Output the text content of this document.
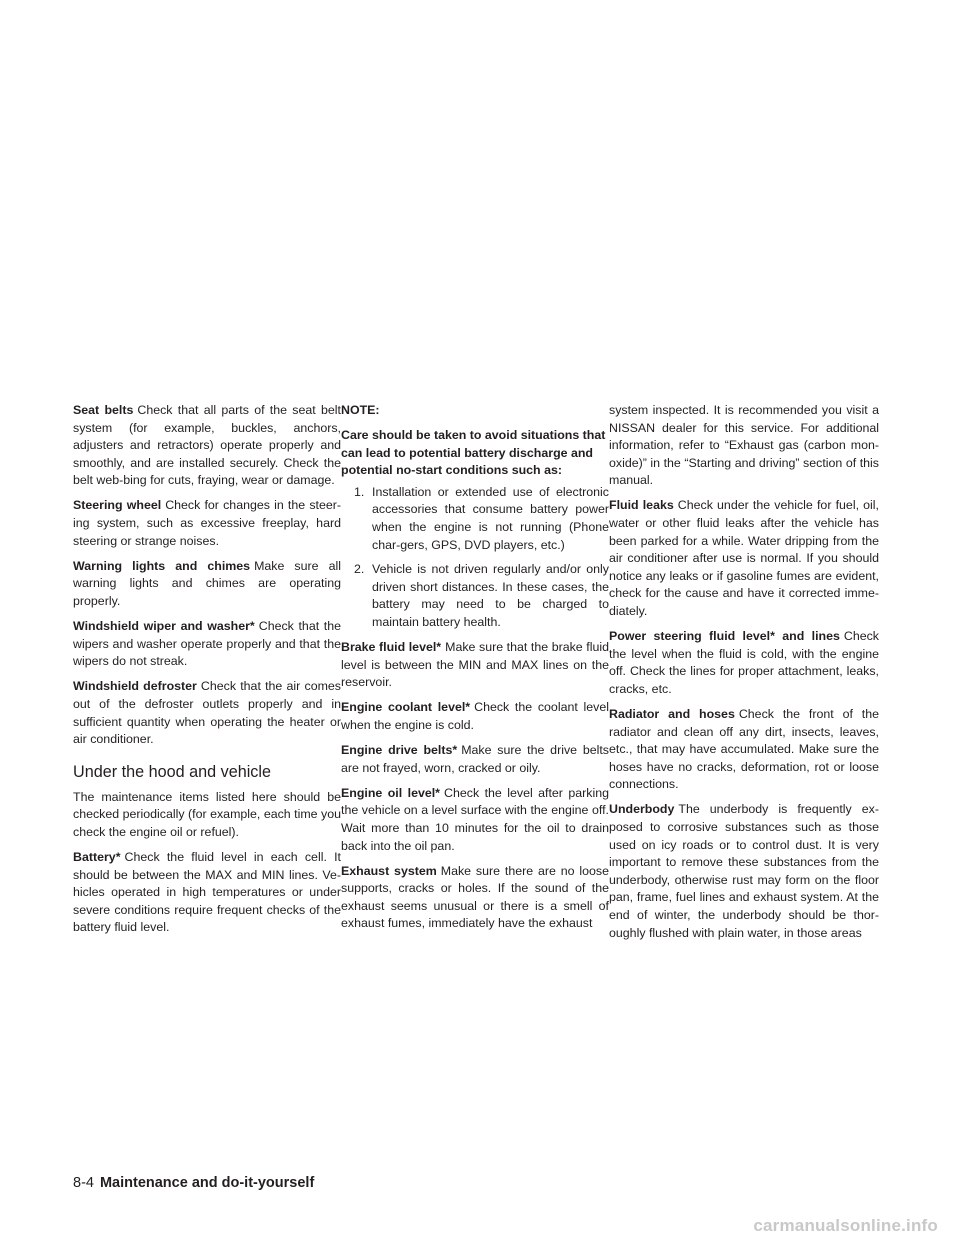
Seat belts Check that all parts of the seat belt system (for example, buckles, anchors, adjusters and retractors) operate properly and smoothly, and are installed securely. Check the belt web-bing for cuts, fraying, wear or damage.

Steering wheel Check for changes in the steer-ing system, such as excessive freeplay, hard steering or strange noises.

Warning lights and chimes Make sure all warning lights and chimes are operating properly.

Windshield wiper and washer* Check that the wipers and washer operate properly and that the wipers do not streak.

Windshield defroster Check that the air comes out of the defroster outlets properly and in sufficient quantity when operating the heater or air conditioner.

Under the hood and vehicle

The maintenance items listed here should be checked periodically (for example, each time you check the engine oil or refuel).

Battery* Check the fluid level in each cell. It should be between the MAX and MIN lines. Ve-hicles operated in high temperatures or under severe conditions require frequent checks of the battery fluid level.

NOTE:

Care should be taken to avoid situations that can lead to potential battery discharge and potential no-start conditions such as:

1. Installation or extended use of electronic accessories that consume battery power when the engine is not running (Phone char-gers, GPS, DVD players, etc.)
2. Vehicle is not driven regularly and/or only driven short distances. In these cases, the battery may need to be charged to maintain battery health.

Brake fluid level* Make sure that the brake fluid level is between the MIN and MAX lines on the reservoir.

Engine coolant level* Check the coolant level when the engine is cold.

Engine drive belts* Make sure the drive belts are not frayed, worn, cracked or oily.

Engine oil level* Check the level after parking the vehicle on a level surface with the engine off. Wait more than 10 minutes for the oil to drain back into the oil pan.

Exhaust system Make sure there are no loose supports, cracks or holes. If the sound of the exhaust seems unusual or there is a smell of exhaust fumes, immediately have the exhaust

system inspected. It is recommended you visit a NISSAN dealer for this service. For additional information, refer to “Exhaust gas (carbon mon-oxide)” in the “Starting and driving” section of this manual.

Fluid leaks Check under the vehicle for fuel, oil, water or other fluid leaks after the vehicle has been parked for a while. Water dripping from the air conditioner after use is normal. If you should notice any leaks or if gasoline fumes are evident, check for the cause and have it corrected imme-diately.

Power steering fluid level* and lines Check the level when the fluid is cold, with the engine off. Check the lines for proper attachment, leaks, cracks, etc.

Radiator and hoses Check the front of the radiator and clean off any dirt, insects, leaves, etc., that may have accumulated. Make sure the hoses have no cracks, deformation, rot or loose connections.

Underbody The underbody is frequently ex-posed to corrosive substances such as those used on icy roads or to control dust. It is very important to remove these substances from the underbody, otherwise rust may form on the floor pan, frame, fuel lines and exhaust system. At the end of winter, the underbody should be thor-oughly flushed with plain water, in those areas

8-4 Maintenance and do-it-yourself
carmanualsonline.info
